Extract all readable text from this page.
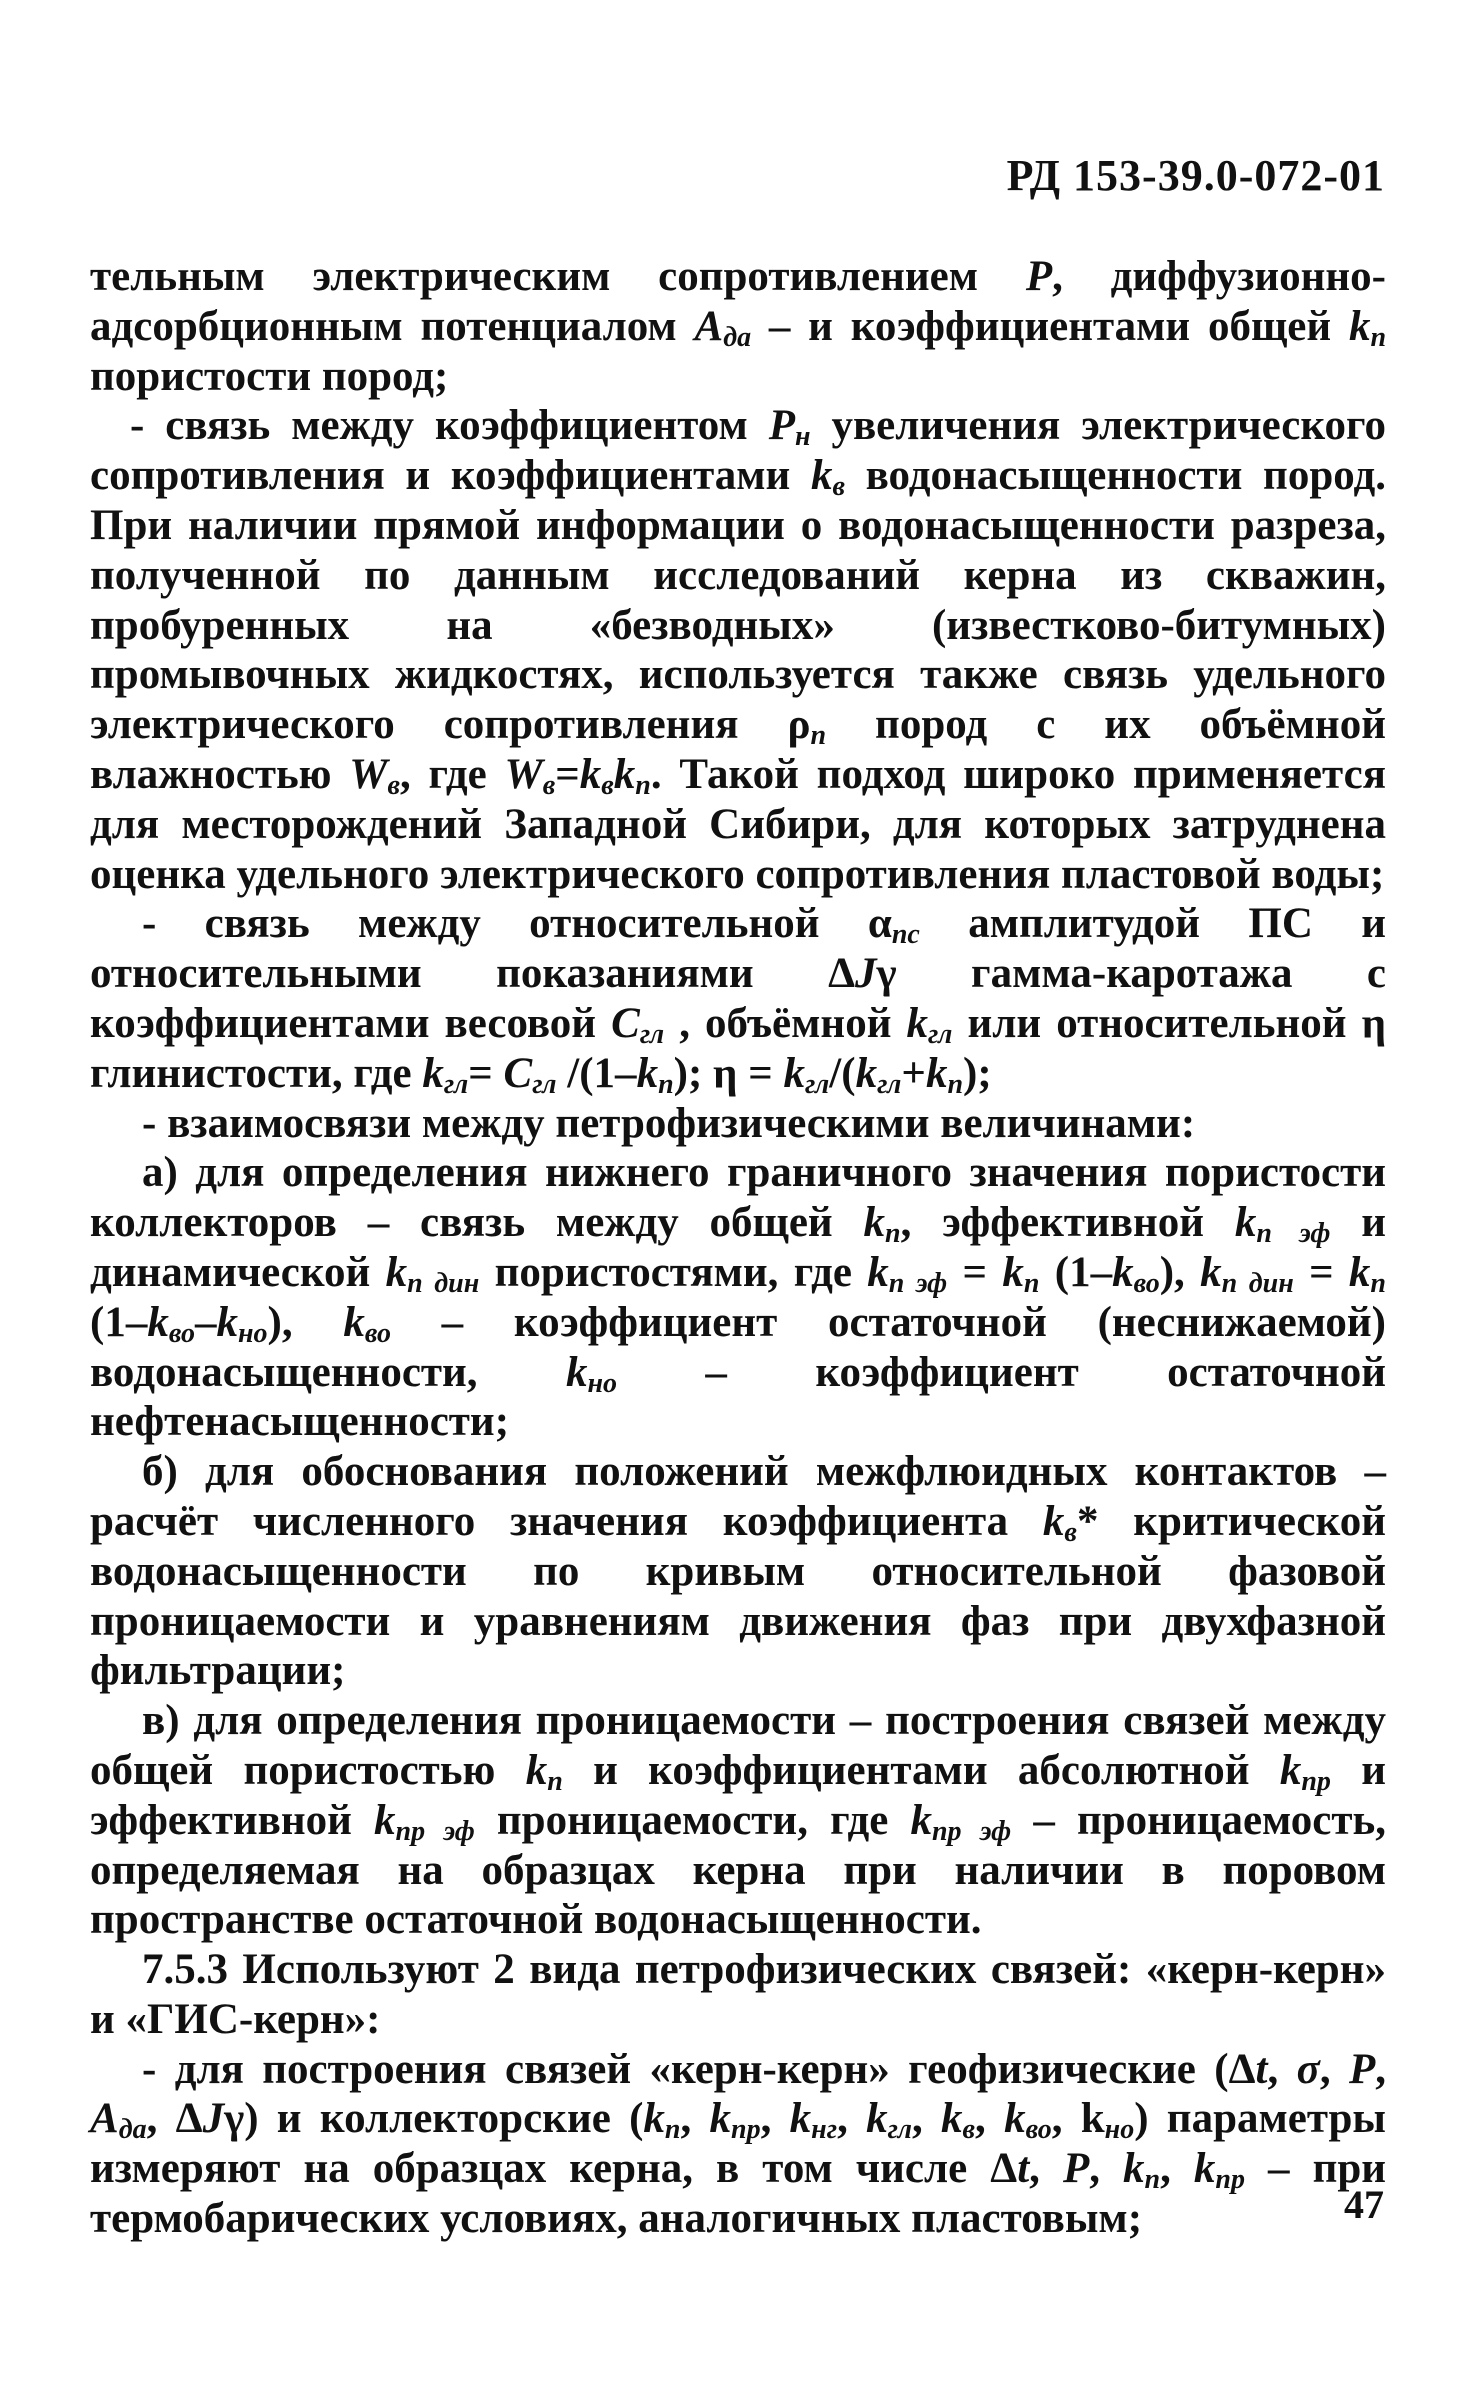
РД 153-39.0-072-01

тельным электрическим сопротивлением P, диффузионно-адсорбционным потенциалом $A_{да}$ – и коэффициентами общей $k_п$ пористости пород;

- связь между коэффициентом $P_н$ увеличения электрического сопротивления и коэффициентами $k_в$ водонасыщенности пород. При наличии прямой информации о водонасыщенности разреза, полученной по данным исследований керна из скважин, пробуренных на «безводных» (известково-битумных) промывочных жидкостях, используется также связь удельного электрического сопротивления $\rho_п$ пород с их объёмной влажностью $W_в$, где $W_в=k_вk_п$. Такой подход широко применяется для месторождений Западной Сибири, для которых затруднена оценка удельного электрического сопротивления пластовой воды;

- связь между относительной $\alpha_{пс}$ амплитудой ПС и относительными показаниями ΔJγ гамма-каротажа с коэффициентами весовой $C_{гл}$ , объёмной $k_{гл}$ или относительной η глинистости, где $k_{гл}= C_{гл}$ $/(1-k_п)$; $\eta = k_{гл}/(k_{гл}+k_п)$;

- взаимосвязи между петрофизическими величинами:

а) для определения нижнего граничного значения пористости коллекторов – связь между общей $k_п$, эффективной $k_{п эф}$ и динамической $k_{п дин}$ пористостями, где $k_{п эф} = k_п$ $(1-k_{во})$, $k_{п дин} = k_п$ $(1-k_{во}-k_{но})$, $k_{во}$ – коэффициент остаточной (неснижаемой) водонасыщенности, $k_{но}$ – коэффициент остаточной нефтенасыщенности;

б) для обоснования положений межфлюидных контактов – расчёт численного значения коэффициента $k_в*$ критической водонасыщенности по кривым относительной фазовой проницаемости и уравнениям движения фаз при двухфазной фильтрации;

в) для определения проницаемости – построения связей между общей пористостью $k_п$ и коэффициентами абсолютной $k_{пр}$ и эффективной $k_{пр эф}$ проницаемости, где $k_{пр эф}$ – проницаемость, определяемая на образцах керна при наличии в поровом пространстве остаточной водонасыщенности.

7.5.3 Используют 2 вида петрофизических связей: «керн-керн» и «ГИС-керн»:

- для построения связей «керн-керн» геофизические (Δt, σ, P, $A_{да}$, ΔJγ) и коллекторские ($k_п$, $k_{пр}$, $k_{нг}$, $k_{гл}$, $k_в$, $k_{во}$, $k_{но}$) параметры измеряют на образцах керна, в том числе Δt, P, $k_п$, $k_{пр}$ – при термобарических условиях, аналогичных пластовым;	47
